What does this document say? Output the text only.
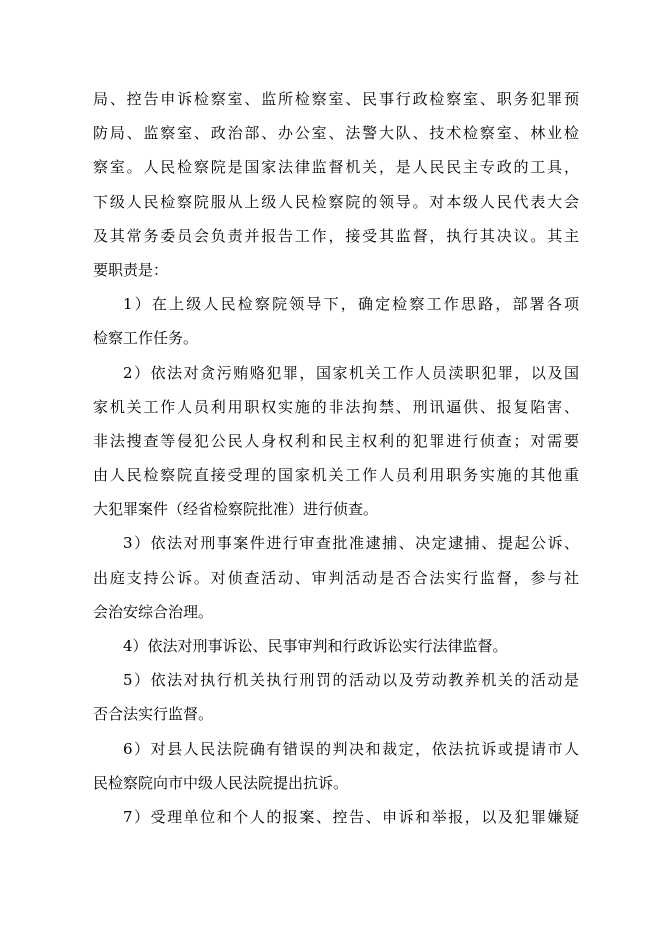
局、控告申诉检察室、监所检察室、民事行政检察室、职务犯罪预
防局、监察室、政治部、办公室、法警大队、技术检察室、林业检
察室。人民检察院是国家法律监督机关，是人民民主专政的工具，
下级人民检察院服从上级人民检察院的领导。对本级人民代表大会
及其常务委员会负责并报告工作，接受其监督，执行其决议。其主
要职责是：
1）在上级人民检察院领导下，确定检察工作思路，部署各项
检察工作任务。
2）依法对贪污贿赂犯罪，国家机关工作人员渎职犯罪，以及国
家机关工作人员利用职权实施的非法拘禁、刑讯逼供、报复陷害、
非法搜查等侵犯公民人身权利和民主权利的犯罪进行侦查；对需要
由人民检察院直接受理的国家机关工作人员利用职务实施的其他重
大犯罪案件（经省检察院批准）进行侦查。
3）依法对刑事案件进行审查批准逮捕、决定逮捕、提起公诉、
出庭支持公诉。对侦查活动、审判活动是否合法实行监督，参与社
会治安综合治理。
4）依法对刑事诉讼、民事审判和行政诉讼实行法律监督。
5）依法对执行机关执行刑罚的活动以及劳动教养机关的活动是
否合法实行监督。
6）对县人民法院确有错误的判决和裁定，依法抗诉或提请市人
民检察院向市中级人民法院提出抗诉。
7）受理单位和个人的报案、控告、申诉和举报，以及犯罪嫌疑
